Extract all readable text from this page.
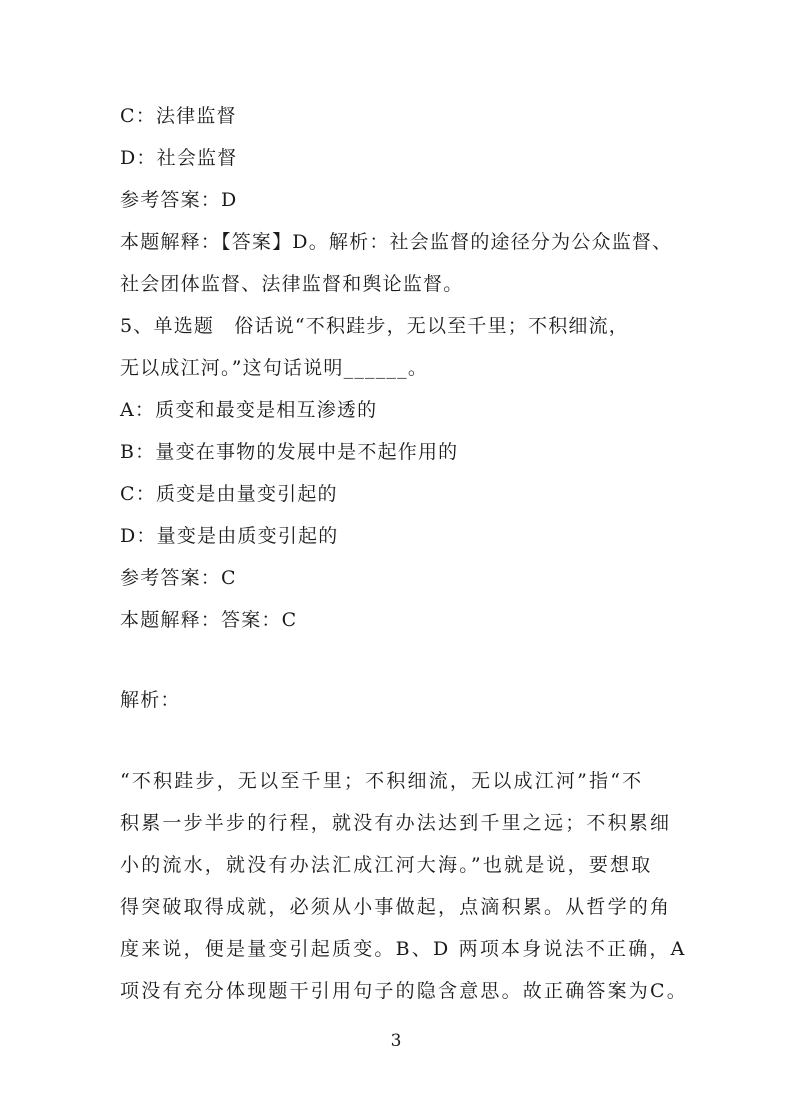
C：法律监督
D：社会监督
参考答案：D
本题解释：【答案】D。解析：社会监督的途径分为公众监督、
社会团体监督、法律监督和舆论监督。
5、单选题　俗话说“不积跬步，无以至千里；不积细流，
无以成江河。”这句话说明______。
A：质变和最变是相互渗透的
B：量变在事物的发展中是不起作用的
C：质变是由量变引起的
D：量变是由质变引起的
参考答案：C
本题解释：答案：C
解析：
“不积跬步，无以至千里；不积细流，无以成江河”指“不
积累一步半步的行程，就没有办法达到千里之远；不积累细
小的流水，就没有办法汇成江河大海。”也就是说，要想取
得突破取得成就，必须从小事做起，点滴积累。从哲学的角
度来说，便是量变引起质变。B、D 两项本身说法不正确，A
项没有充分体现题干引用句子的隐含意思。故正确答案为C。
3
